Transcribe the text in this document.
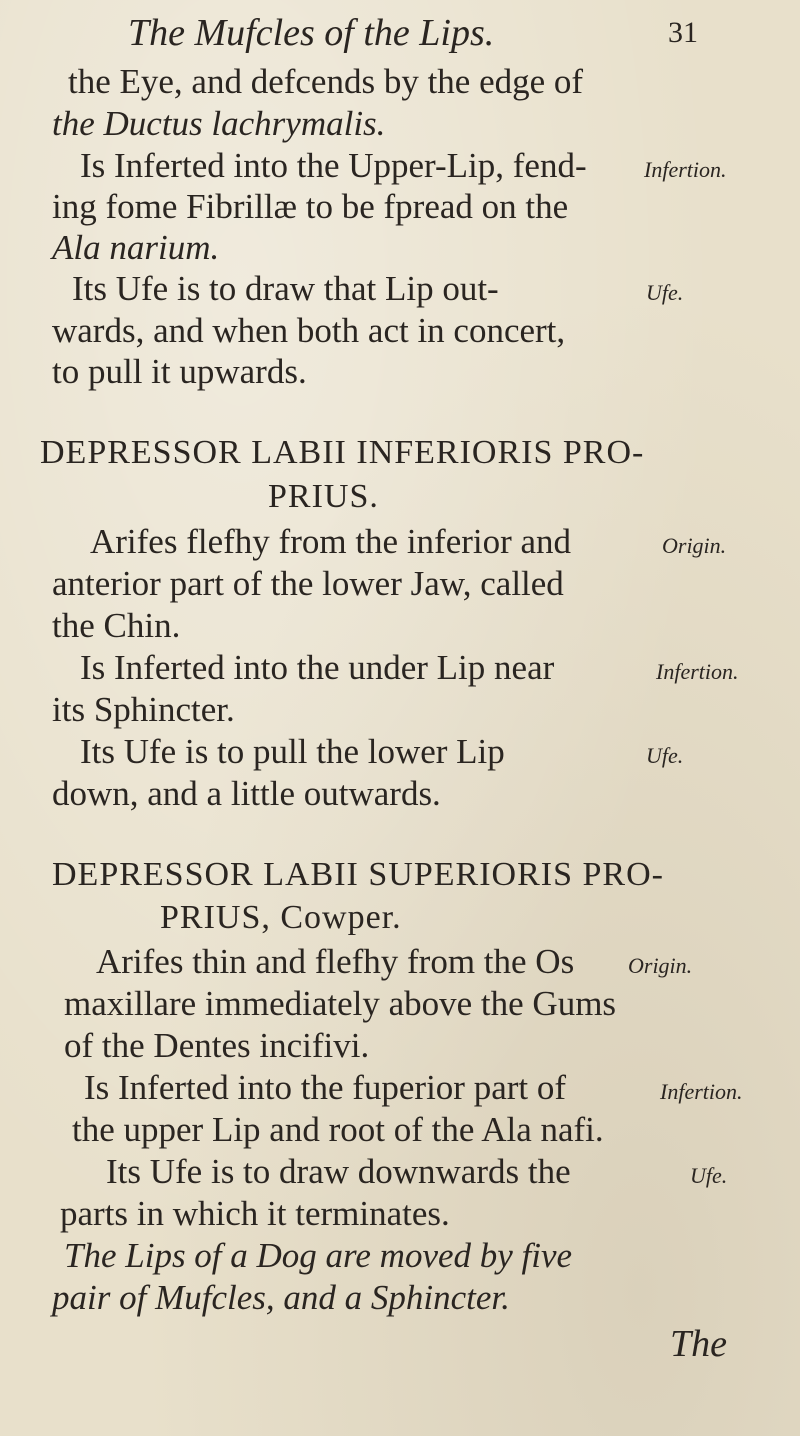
The Mufcles of the Lips.	31
the Eye, and defcends by the edge of
the Ductus lachrymalis.
Is Inferted into the Upper-Lip, fend-	Infertion.
ing fome Fibrillæ to be fpread on the
Ala narium.
Its Ufe is to draw that Lip out-	Ufe.
wards, and when both act in concert,
to pull it upwards.
DEPRESSOR LABII INFERIORIS PRO-
PRIUS.
Arifes flefhy from the inferior and	Origin.
anterior part of the lower Jaw, called
the Chin.
Is Inferted into the under Lip near	Infertion.
its Sphincter.
Its Ufe is to pull the lower Lip	Ufe.
down, and a little outwards.
DEPRESSOR LABII SUPERIORIS PRO-
PRIUS, Cowper.
Arifes thin and flefhy from the Os Origin.
maxillare immediately above the Gums
of the Dentes incifivi.
Is Inferted into the fuperior part of	Infertion.
the upper Lip and root of the Ala nafi.
Its Ufe is to draw downwards the	Ufe.
parts in which it terminates.
The Lips of a Dog are moved by five
pair of Mufcles, and a Sphincter.
The
